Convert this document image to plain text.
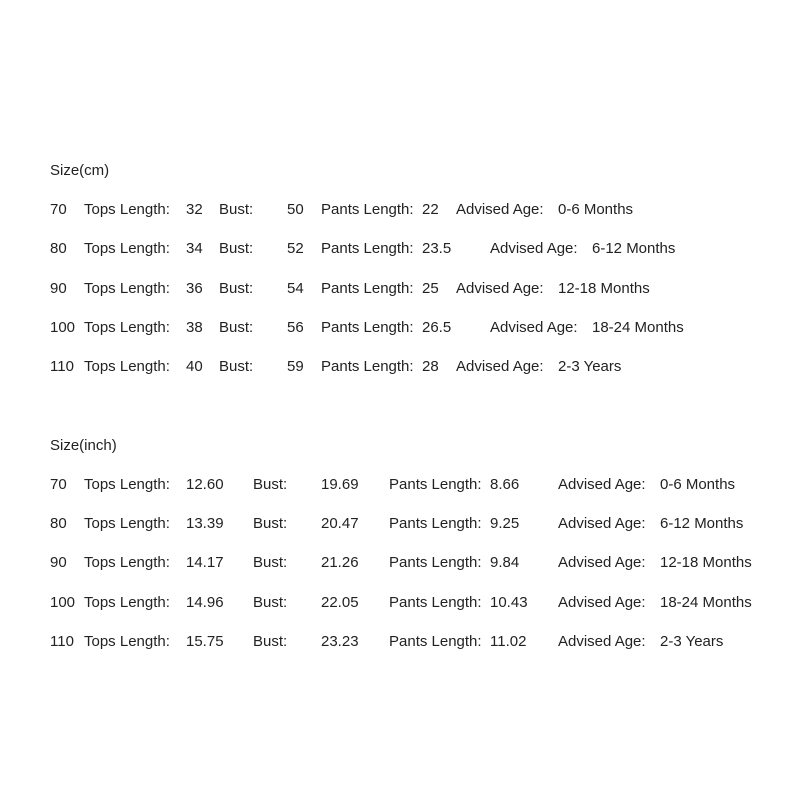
Size(cm)
70 Tops Length: 32 Bust: 50 Pants Length: 22 Advised Age: 0-6 Months
80 Tops Length: 34 Bust: 52 Pants Length: 23.5	Advised Age: 6-12 Months
90 Tops Length: 36 Bust: 54 Pants Length: 25 Advised Age: 12-18 Months
100 Tops Length: 38 Bust: 56 Pants Length: 26.5	Advised Age: 18-24 Months
110 Tops Length: 40 Bust: 59 Pants Length: 28 Advised Age: 2-3 Years
Size(inch)
70 Tops Length: 12.60 Bust: 19.69 Pants Length: 8.66	Advised Age: 0-6 Months
80 Tops Length: 13.39 Bust: 20.47 Pants Length: 9.25	Advised Age: 6-12 Months
90 Tops Length: 14.17 Bust: 21.26 Pants Length: 9.84	Advised Age: 12-18 Months
100 Tops Length: 14.96 Bust: 22.05 Pants Length: 10.43 Advised Age: 18-24 Months
110 Tops Length: 15.75 Bust: 23.23 Pants Length: 11.02 Advised Age: 2-3 Years
